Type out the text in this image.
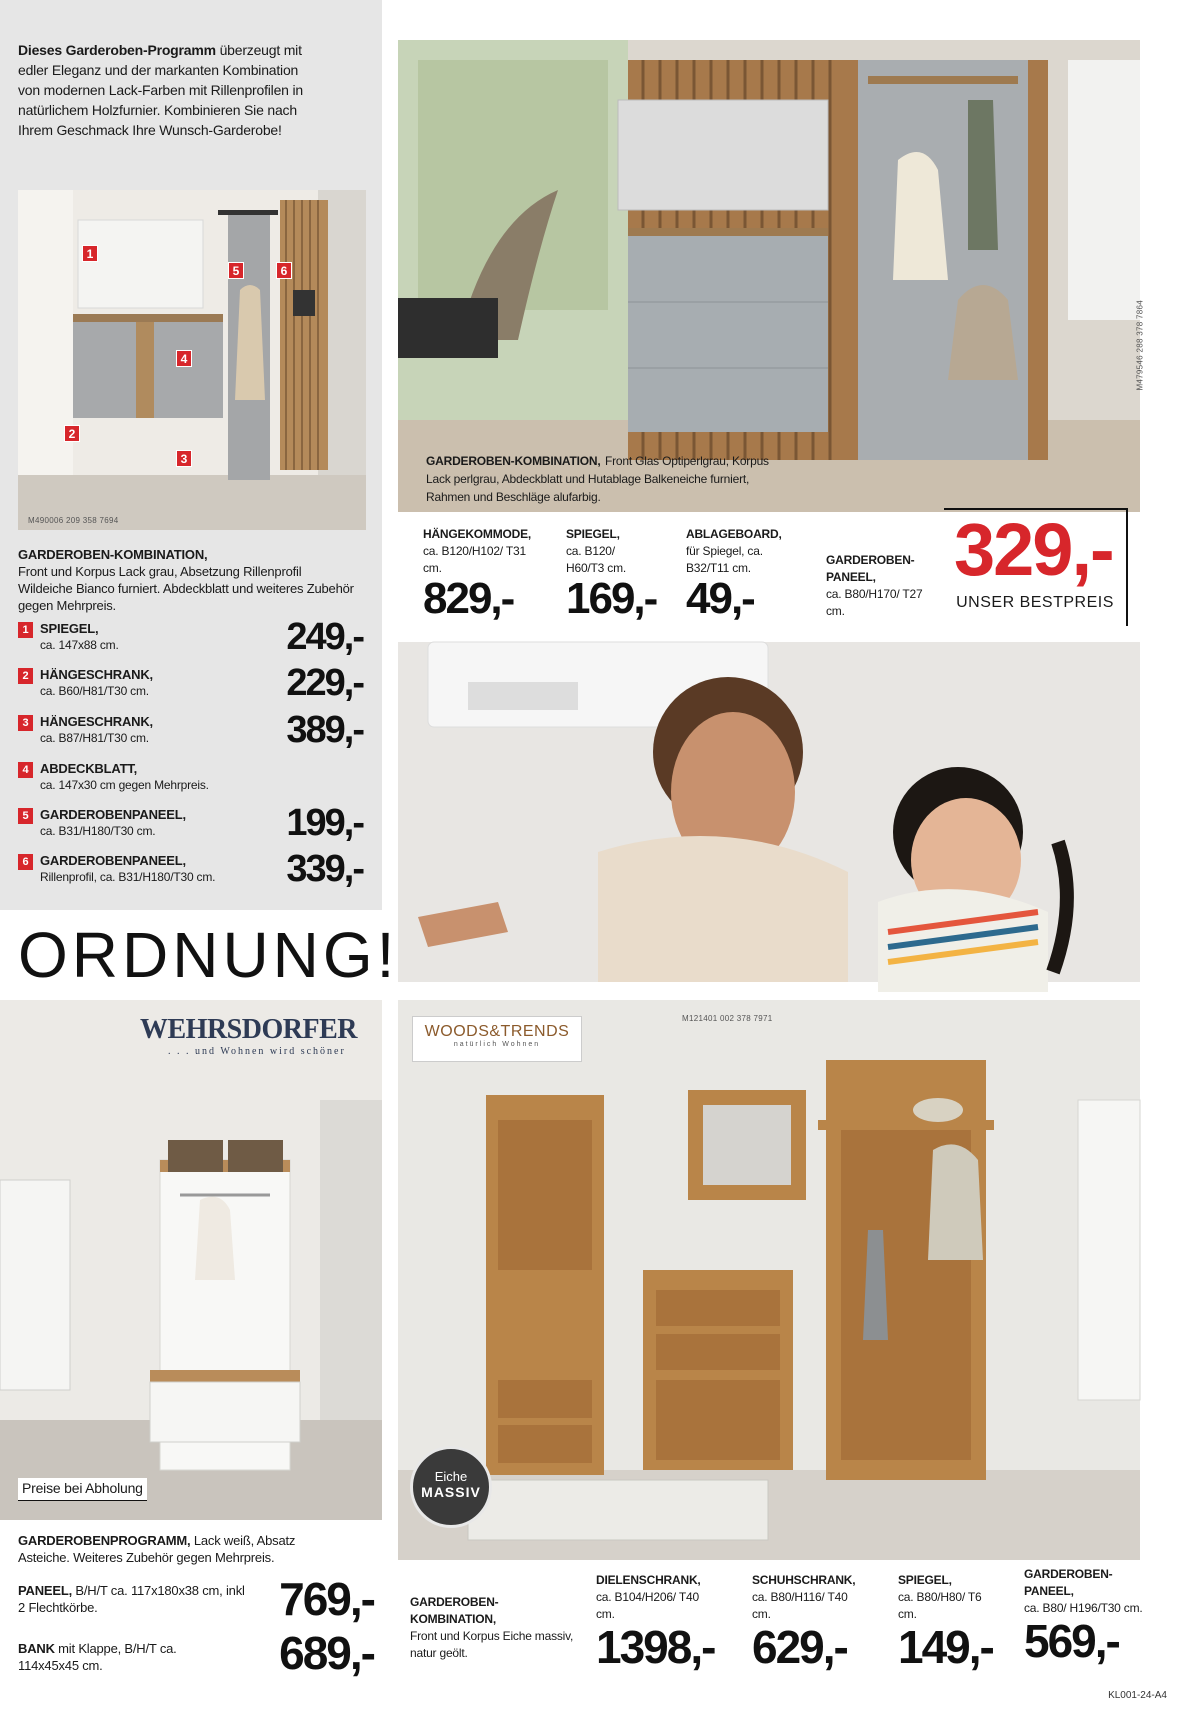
Dieses Garderoben-Programm überzeugt mit edler Eleganz und der markanten Kombination von modernen Lack-Farben mit Rillenprofilen in natürlichem Holzfurnier. Kombinieren Sie nach Ihrem Geschmack Ihre Wunsch-Garderobe!
1
2
3
4
5	6
M490006 209 358 7694
GARDEROBEN-KOMBINATION,
Front und Korpus Lack grau, Absetzung Rillenprofil Wildeiche Bianco furniert. Abdeckblatt und weiteres Zubehör gegen Mehrpreis.
1 SPIEGEL,
ca. 147x88 cm.	249,-
2 HÄNGESCHRANK,
ca. B60/H81/T30 cm.	229,-
3 HÄNGESCHRANK,
ca. B87/H81/T30 cm.	389,-
4 ABDECKBLATT,
ca. 147x30 cm gegen Mehrpreis.
5 GARDEROBENPANEEL,
ca. B31/H180/T30 cm.	199,-
6 GARDEROBENPANEEL,
Rillenprofil, ca. B31/H180/T30 cm. 339,-
M479546 288 378 7864
GARDEROBEN-KOMBINATION, Front Glas Optiperlgrau, Korpus Lack perlgrau, Abdeckblatt und Hutablage Balkeneiche furniert, Rahmen und Beschläge alufarbig.
HÄNGEKOMMODE,
ca. B120/H102/ T31 cm.
829,-
SPIEGEL,
ca. B120/ H60/T3 cm.
169,-
ABLAGEBOARD,
für Spiegel, ca. B32/T11 cm.
49,-
GARDEROBEN-PANEEL,
ca. B80/H170/ T27 cm.
329,-
UNSER BESTPREIS
ORDNUNG!
WEHRSDORFER
. . . und Wohnen wird schöner
Preise bei Abholung
GARDEROBENPROGRAMM, Lack weiß, Absatz Asteiche. Weiteres Zubehör gegen Mehrpreis.
PANEEL, B/H/T ca. 117x180x38 cm, inkl 2 Flechtkörbe.	769,-
BANK mit Klappe, B/H/T ca. 114x45x45 cm.	689,-
WOODS&TRENDS
natürlich Wohnen
M121401 002 378 7971
Eiche
MASSIV
GARDEROBEN-KOMBINATION,
Front und Korpus Eiche massiv, natur geölt.
DIELENSCHRANK,
ca. B104/H206/ T40 cm.
1398,-
SCHUHSCHRANK,
ca. B80/H116/ T40 cm.
629,-
SPIEGEL,
ca. B80/H80/ T6 cm.
149,-
GARDEROBEN-PANEEL,
ca. B80/ H196/T30 cm.
569,-
KL001-24-A4
